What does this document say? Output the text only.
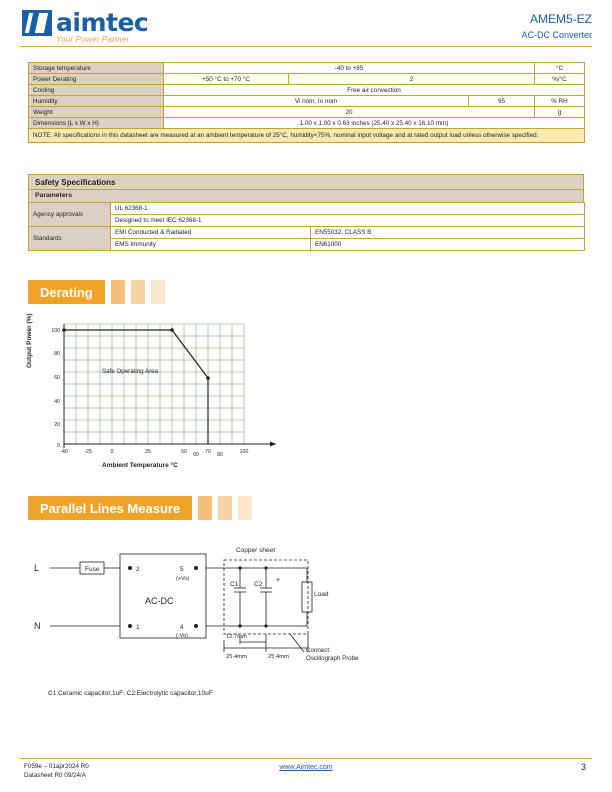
aimtec
Your Power Partner
AMEM5-EZ
AC-DC Converter
Storage temperature	-40 to +85			°C
Power Derating	+50 °C to +70 °C	2		%/°C
Cooling	Free air convection			
Humidity	Vi nom, Io nom		95	% RH
Weight	20			g
Dimensions (L x W x H)	1.00 x 1.00 x 0.63 inches (25.40 x 25.40 x 16.10 mm)			
NOTE: All specifications in this datasheet are measured at an ambient temperature of 25°C, humidity<75%, nominal input voltage and at rated output load unless otherwise specified.				
Safety Specifications
Parameters
Agency approvals	UL 62368-1	
	Designed to meet IEC 62368-1	
Standards	EMI Conducted & Radiated	EN55032, CLASS B
	EMS Immunity	EN61000
Derating
100
80
60
40
20
0
-40	-25	0	25	50 60 70 80	100
Output Power (%)
Ambient Temperature °C
Safe Operating Area
Parallel Lines Measure
L
N
Fuse
AC-DC
2
1
5
4
(+Vo)
(-Vo)
Copper sheet
C1 C2
+
Load
12.7mm
25.4mm	25.4mm
Connect
Oscillograph Probe
C1:Ceramic capacitor,1uF; C2:Electrolytic capacitor,10uF
F059e – 01apr2024 R0
Datasheet R0 09/24/A
www.Aimtec.com	3
